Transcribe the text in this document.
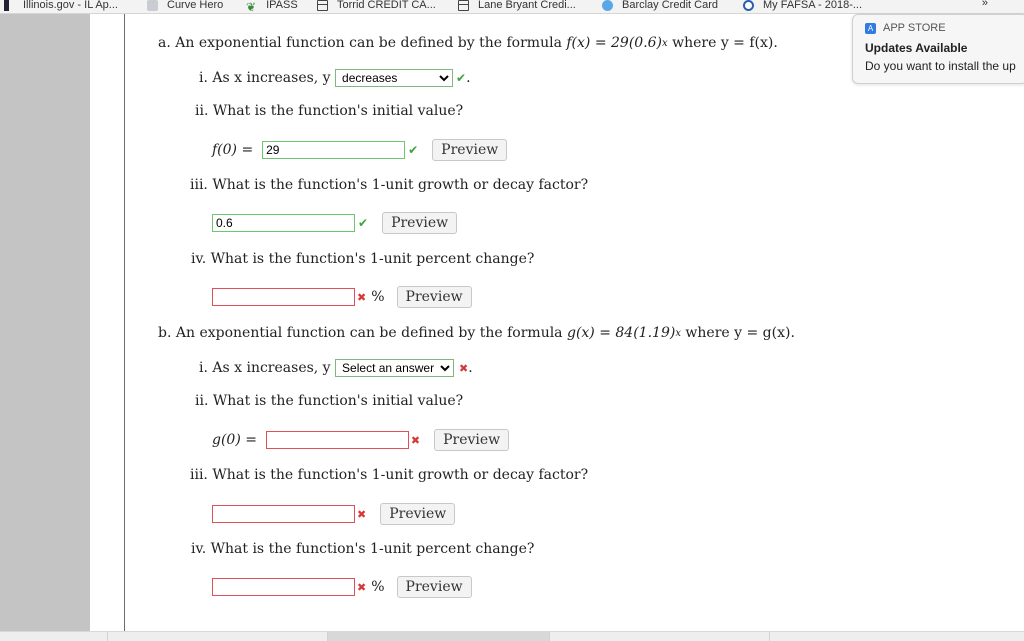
Illinois.gov - IL Ap...	Curve Hero ❦ IPASS	Torrid CREDIT CA...	Lane Bryant Credi...	Barclay Credit Card	My FAFSA - 2018-...	»
a. An exponential function can be defined by the formula
f(x) = 29(0.6) x
where y = f(x).
i. As x increases, y

decreases	✔ .
ii. What is the function's initial value?
f(0) =

29	✔	Preview
iii. What is the function's 1-unit growth or decay factor?
0.6
✔	Preview
iv. What is the function's 1-unit percent change?
✖ %	Preview
b. An exponential function can be defined by the formula
g(x) = 84(1.19) x
where y = g(x).
i. As x increases, y

Select an answer	✖ .
ii. What is the function's initial value?
g(0) =
	✖	Preview
iii. What is the function's 1-unit growth or decay factor?
✖	Preview
iv. What is the function's 1-unit percent change?
✖ %	Preview
A APP STORE
Updates Available
Do you want to install the up
